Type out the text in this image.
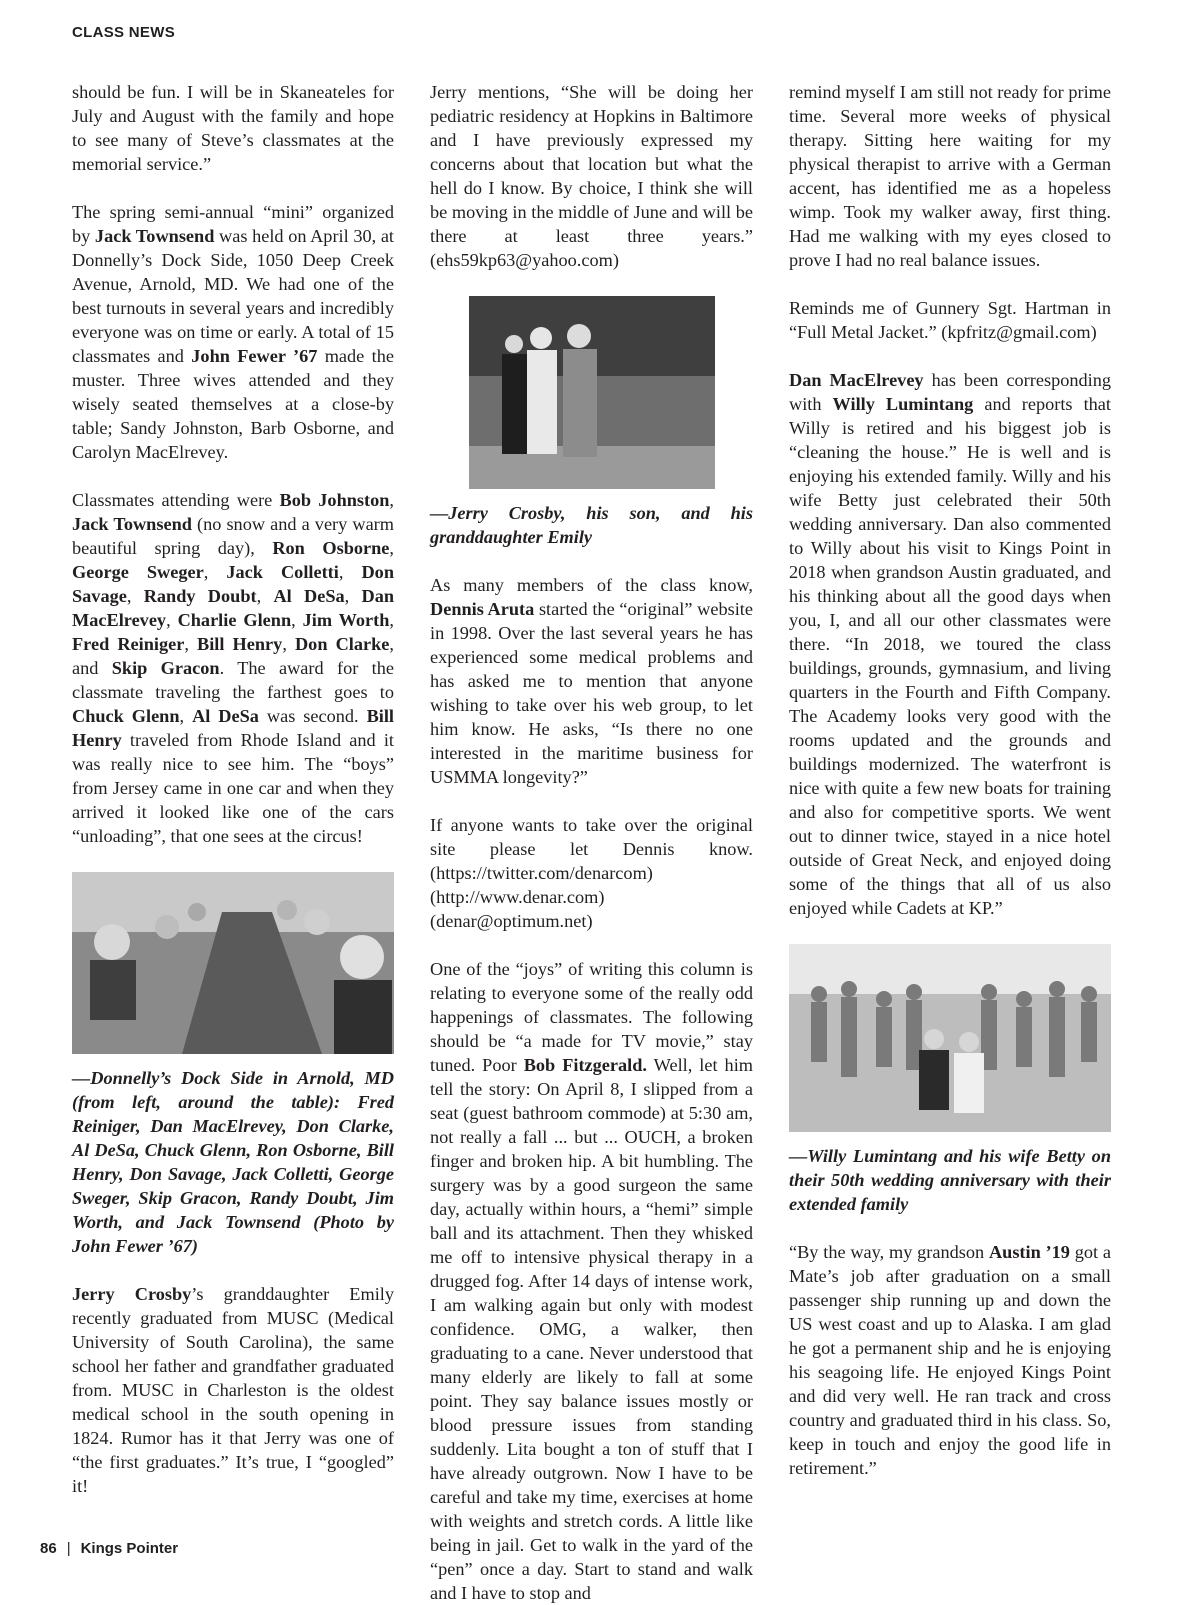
CLASS NEWS

should be fun. I will be in Skaneateles for July and August with the family and hope to see many of Steve’s classmates at the memorial service.”

The spring semi-annual “mini” organized by Jack Townsend was held on April 30, at Donnelly’s Dock Side, 1050 Deep Creek Avenue, Arnold, MD. We had one of the best turnouts in several years and incredibly everyone was on time or early. A total of 15 classmates and John Fewer ’67 made the muster. Three wives attended and they wisely seated themselves at a close-by table; Sandy Johnston, Barb Osborne, and Carolyn MacElrevey.

Classmates attending were Bob Johnston, Jack Townsend (no snow and a very warm beautiful spring day), Ron Osborne, George Sweger, Jack Colletti, Don Savage, Randy Doubt, Al DeSa, Dan MacElrevey, Charlie Glenn, Jim Worth, Fred Reiniger, Bill Henry, Don Clarke, and Skip Gracon. The award for the classmate traveling the farthest goes to Chuck Glenn, Al DeSa was second. Bill Henry traveled from Rhode Island and it was really nice to see him. The “boys” from Jersey came in one car and when they arrived it looked like one of the cars “unloading”, that one sees at the circus!

—Donnelly’s Dock Side in Arnold, MD (from left, around the table): Fred Reiniger, Dan MacElrevey, Don Clarke, Al DeSa, Chuck Glenn, Ron Osborne, Bill Henry, Don Savage, Jack Colletti, George Sweger, Skip Gracon, Randy Doubt, Jim Worth, and Jack Townsend (Photo by John Fewer ’67)

Jerry Crosby’s granddaughter Emily recently graduated from MUSC (Medical University of South Carolina), the same school her father and grandfather graduated from. MUSC in Charleston is the oldest medical school in the south opening in 1824. Rumor has it that Jerry was one of “the first graduates.” It’s true, I “googled” it!

Jerry mentions, “She will be doing her pediatric residency at Hopkins in Baltimore and I have previously expressed my concerns about that location but what the hell do I know. By choice, I think she will be moving in the middle of June and will be there at least three years.” (ehs59kp63@yahoo.com)

—Jerry Crosby, his son, and his granddaughter Emily

As many members of the class know, Dennis Aruta started the “original” website in 1998. Over the last several years he has experienced some medical problems and has asked me to mention that anyone wishing to take over his web group, to let him know. He asks, “Is there no one interested in the maritime business for USMMA longevity?”

If anyone wants to take over the original site please let Dennis know. (https://twitter.com/denarcom) (http://www.denar.com) (denar@optimum.net)

One of the “joys” of writing this column is relating to everyone some of the really odd happenings of classmates. The following should be “a made for TV movie,” stay tuned. Poor Bob Fitzgerald. Well, let him tell the story: On April 8, I slipped from a seat (guest bathroom commode) at 5:30 am, not really a fall ... but ... OUCH, a broken finger and broken hip. A bit humbling. The surgery was by a good surgeon the same day, actually within hours, a “hemi” simple ball and its attachment. Then they whisked me off to intensive physical therapy in a drugged fog. After 14 days of intense work, I am walking again but only with modest confidence. OMG, a walker, then graduating to a cane. Never understood that many elderly are likely to fall at some point. They say balance issues mostly or blood pressure issues from standing suddenly. Lita bought a ton of stuff that I have already outgrown. Now I have to be careful and take my time, exercises at home with weights and stretch cords. A little like being in jail. Get to walk in the yard of the “pen” once a day. Start to stand and walk and I have to stop and

remind myself I am still not ready for prime time. Several more weeks of physical therapy. Sitting here waiting for my physical therapist to arrive with a German accent, has identified me as a hopeless wimp. Took my walker away, first thing. Had me walking with my eyes closed to prove I had no real balance issues.

Reminds me of Gunnery Sgt. Hartman in “Full Metal Jacket.” (kpfritz@gmail.com)

Dan MacElrevey has been corresponding with Willy Lumintang and reports that Willy is retired and his biggest job is “cleaning the house.” He is well and is enjoying his extended family. Willy and his wife Betty just celebrated their 50th wedding anniversary. Dan also commented to Willy about his visit to Kings Point in 2018 when grandson Austin graduated, and his thinking about all the good days when you, I, and all our other classmates were there. “In 2018, we toured the class buildings, grounds, gymnasium, and living quarters in the Fourth and Fifth Company. The Academy looks very good with the rooms updated and the grounds and buildings modernized. The waterfront is nice with quite a few new boats for training and also for competitive sports. We went out to dinner twice, stayed in a nice hotel outside of Great Neck, and enjoyed doing some of the things that all of us also enjoyed while Cadets at KP.”

—Willy Lumintang and his wife Betty on their 50th wedding anniversary with their extended family

“By the way, my grandson Austin ’19 got a Mate’s job after graduation on a small passenger ship running up and down the US west coast and up to Alaska. I am glad he got a permanent ship and he is enjoying his seagoing life. He enjoyed Kings Point and did very well. He ran track and cross country and graduated third in his class. So, keep in touch and enjoy the good life in retirement.”

86 | Kings Pointer
